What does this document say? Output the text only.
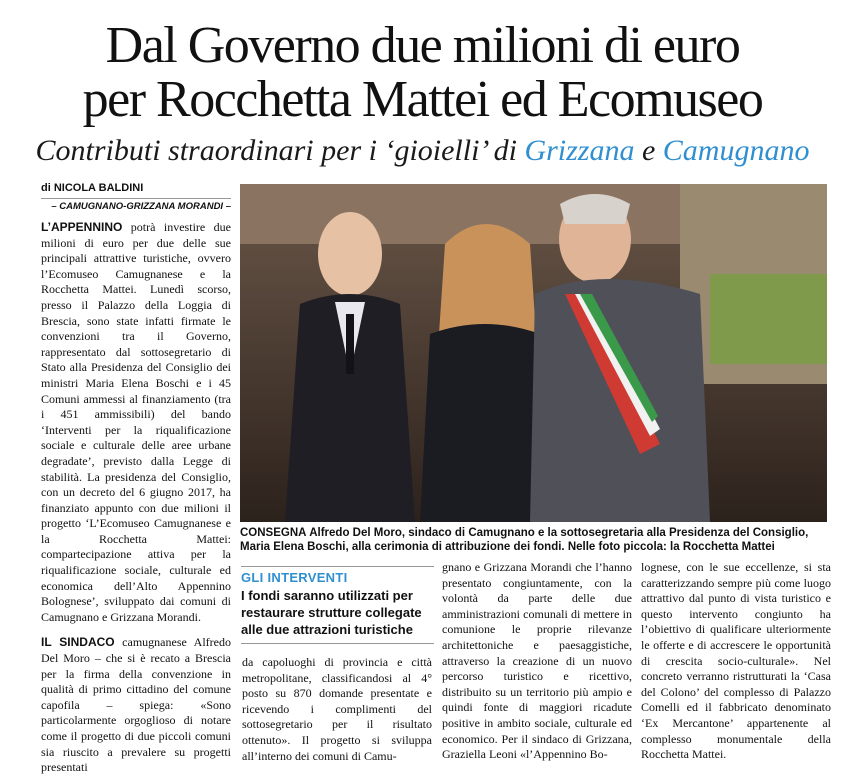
Dal Governo due milioni di euro
per Rocchetta Mattei ed Ecomuseo
Contributi straordinari per i ‘gioielli’ di Grizzana e Camugnano
di NICOLA BALDINI
– CAMUGNANO-GRIZZANA MORANDI –

L’APPENNINO potrà investire due milioni di euro per due delle sue principali attrattive turistiche, ovvero l’Ecomuseo Camugnanese e la Rocchetta Mattei. Lunedì scorso, presso il Palazzo della Loggia di Brescia, sono state infatti firmate le convenzioni tra il Governo, rappresentato dal sottosegretario di Stato alla Presidenza del Consiglio dei ministri Maria Elena Boschi e i 45 Comuni ammessi al finanziamento (tra i 451 ammissibili) del bando ‘Interventi per la riqualificazione sociale e culturale delle aree urbane degradate’, previsto dalla Legge di stabilità. La presidenza del Consiglio, con un decreto del 6 giugno 2017, ha finanziato appunto con due milioni il progetto ‘L’Ecomuseo Camugnanese e la Rocchetta Mattei: compartecipazione attiva per la riqualificazione sociale, culturale ed economica dell’Alto Appennino Bolognese’, sviluppato dai comuni di Camugnano e Grizzana Morandi.

IL SINDACO camugnanese Alfredo Del Moro – che si è recato a Brescia per la firma della convenzione in qualità di primo cittadino del comune capofila – spiega: «Sono particolarmente orgoglioso di notare come il progetto di due piccoli comuni sia riuscito a prevalere su progetti presentati

CONSEGNA Alfredo Del Moro, sindaco di Camugnano e la sottosegretaria alla Presidenza del Consiglio, Maria Elena Boschi, alla cerimonia di attribuzione dei fondi. Nelle foto piccola: la Rocchetta Mattei
GLI INTERVENTI
I fondi saranno utilizzati per restaurare strutture collegate alle due attrazioni turistiche

da capoluoghi di provincia e città metropolitane, classificandosi al 4° posto su 870 domande presentate e ricevendo i complimenti del sottosegretario per il risultato ottenuto». Il progetto si sviluppa all’interno dei comuni di Camu-

gnano e Grizzana Morandi che l’hanno presentato congiuntamente, con la volontà da parte delle due amministrazioni comunali di mettere in comunione le proprie rilevanze architettoniche e paesaggistiche, attraverso la creazione di un nuovo percorso turistico e ricettivo, distribuito su un territorio più ampio e quindi fonte di maggiori ricadute positive in ambito sociale, culturale ed economico. Per il sindaco di Grizzana, Graziella Leoni «l’Appennino Bo-

lognese, con le sue eccellenze, si sta caratterizzando sempre più come luogo attrattivo dal punto di vista turistico e questo intervento congiunto ha l’obiettivo di qualificare ulteriormente le offerte e di accrescere le opportunità di crescita socio-culturale». Nel concreto verranno ristrutturati la ‘Casa del Colono’ del complesso di Palazzo Comelli ed il fabbricato denominato ‘Ex Mercantone’ appartenente al complesso monumentale della Rocchetta Mattei.
